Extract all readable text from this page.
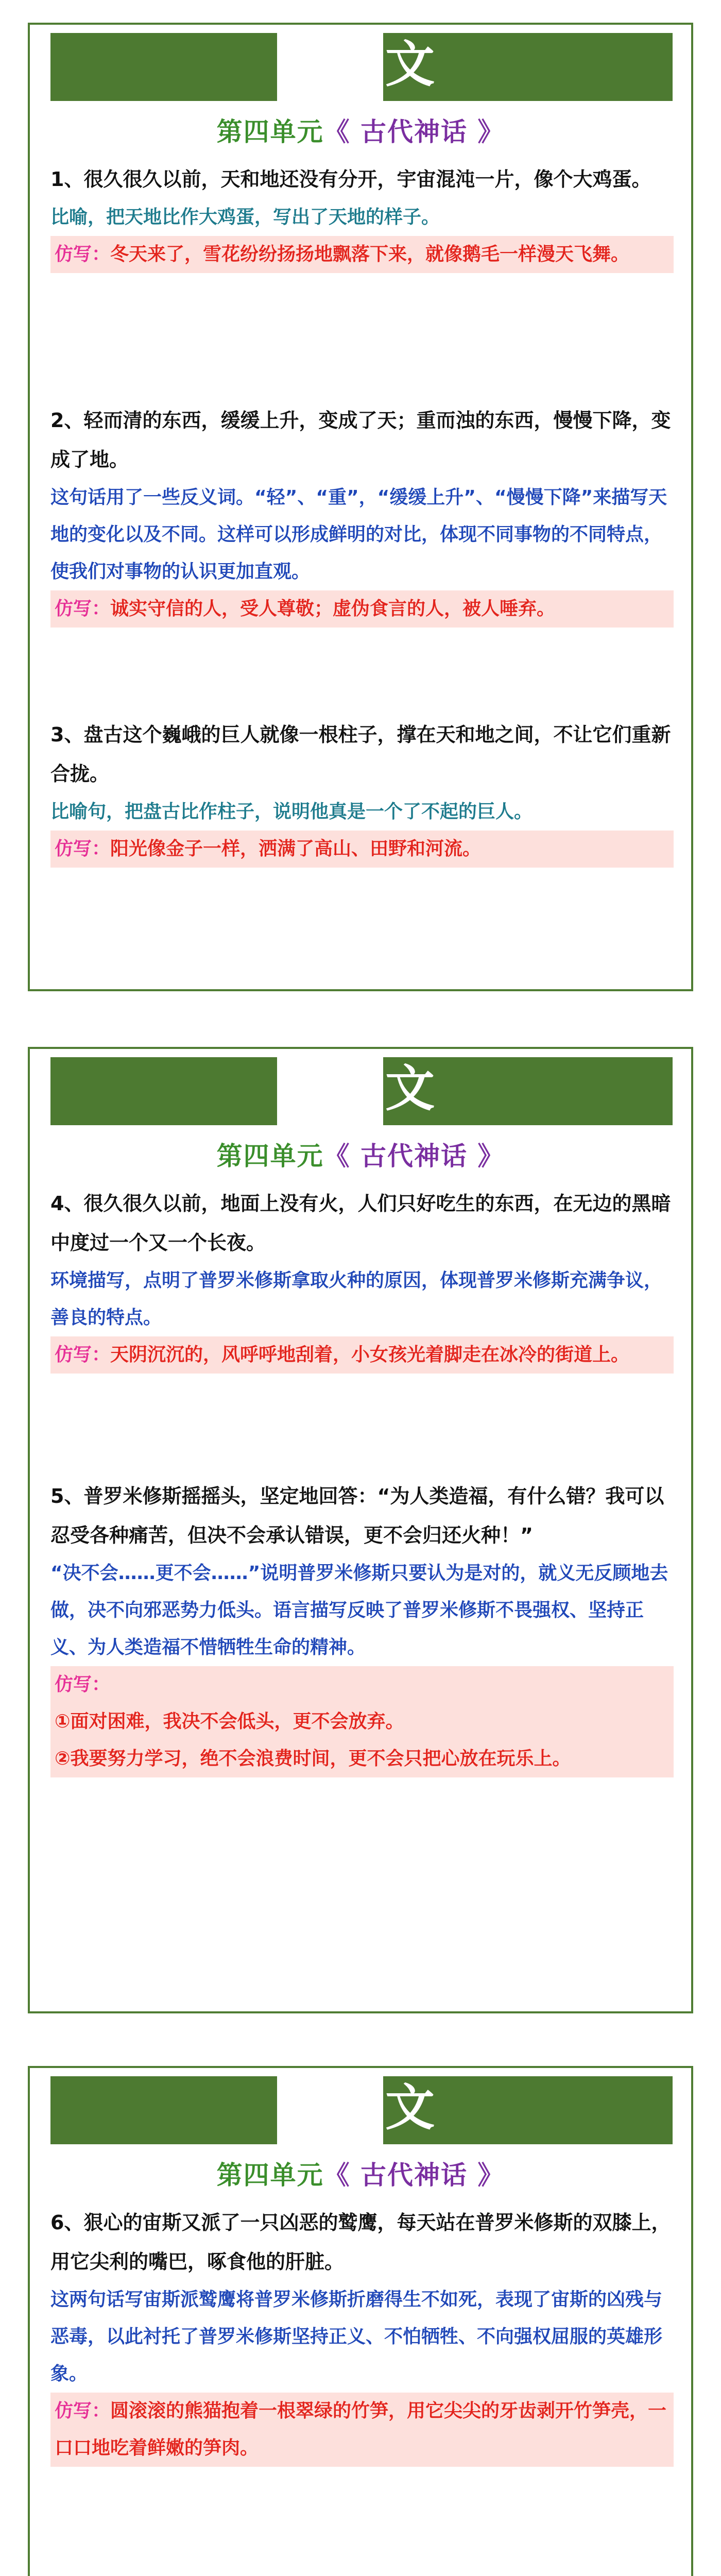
文
第四单元《 古代神话 》

1、很久很久以前，天和地还没有分开，宇宙混沌一片，像个大鸡蛋。

比喻，把天地比作大鸡蛋，写出了天地的样子。

仿写：冬天来了，雪花纷纷扬扬地飘落下来，就像鹅毛一样漫天飞舞。

2、轻而清的东西，缓缓上升，变成了天；重而浊的东西，慢慢下降，变成了地。

这句话用了一些反义词。“轻”、“重”，“缓缓上升”、“慢慢下降”来描写天地的变化以及不同。这样可以形成鲜明的对比，体现不同事物的不同特点，使我们对事物的认识更加直观。

仿写：诚实守信的人，受人尊敬；虚伪食言的人，被人唾弃。

3、盘古这个巍峨的巨人就像一根柱子，撑在天和地之间，不让它们重新合拢。

比喻句，把盘古比作柱子，说明他真是一个了不起的巨人。

仿写：阳光像金子一样，洒满了高山、田野和河流。

文
第四单元《 古代神话 》

4、很久很久以前，地面上没有火，人们只好吃生的东西，在无边的黑暗中度过一个又一个长夜。

环境描写，点明了普罗米修斯拿取火种的原因，体现普罗米修斯充满争议，善良的特点。

仿写：天阴沉沉的，风呼呼地刮着，小女孩光着脚走在冰冷的街道上。

5、普罗米修斯摇摇头，坚定地回答：“为人类造福，有什么错？我可以忍受各种痛苦，但决不会承认错误，更不会归还火种！”

“决不会……更不会……”说明普罗米修斯只要认为是对的，就义无反顾地去做，决不向邪恶势力低头。语言描写反映了普罗米修斯不畏强权、坚持正义、为人类造福不惜牺牲生命的精神。

仿写：

①面对困难，我决不会低头，更不会放弃。

②我要努力学习，绝不会浪费时间，更不会只把心放在玩乐上。

文
第四单元《 古代神话 》

6、狠心的宙斯又派了一只凶恶的鹫鹰，每天站在普罗米修斯的双膝上，用它尖利的嘴巴，啄食他的肝脏。

这两句话写宙斯派鹫鹰将普罗米修斯折磨得生不如死，表现了宙斯的凶残与恶毒，以此衬托了普罗米修斯坚持正义、不怕牺牲、不向强权屈服的英雄形象。

仿写：圆滚滚的熊猫抱着一根翠绿的竹笋，用它尖尖的牙齿剥开竹笋壳，一口口地吃着鲜嫩的笋肉。
